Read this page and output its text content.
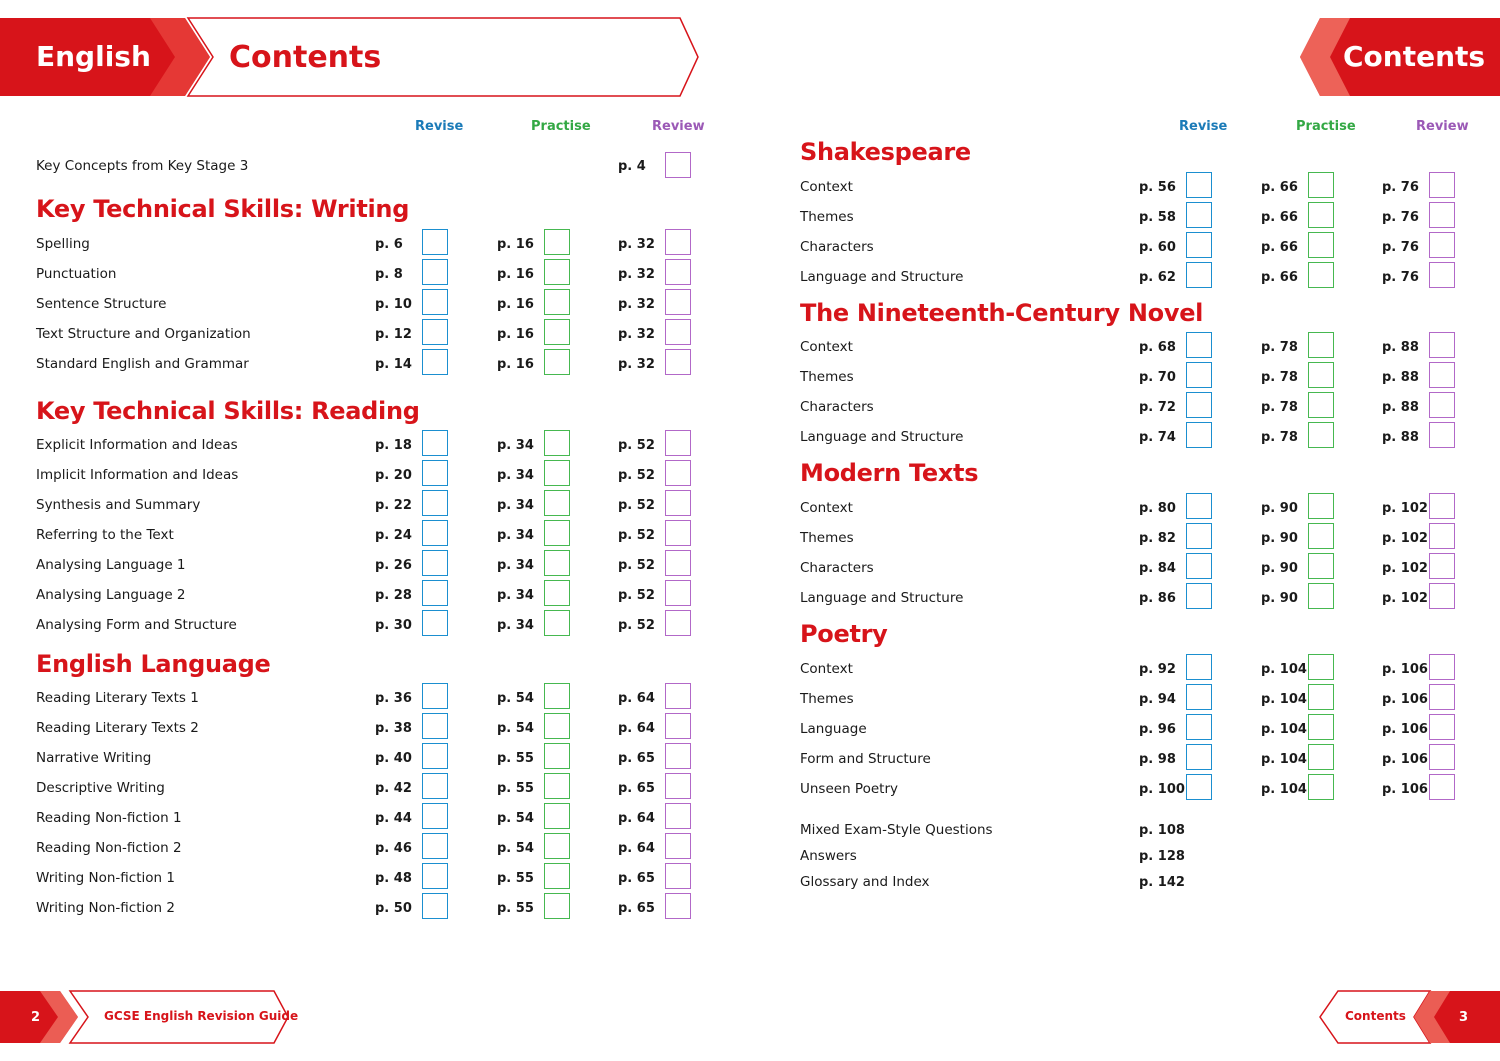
English	Contents	Contents
Revise	Practise	Review	Revise	Practise	Review
Key Concepts from Key Stage 3	p. 4
Key Technical Skills: Writing
Spelling	p. 6	p. 16	p. 32
Punctuation	p. 8	p. 16	p. 32
Sentence Structure	p. 10	p. 16	p. 32
Text Structure and Organization	p. 12	p. 16	p. 32
Standard English and Grammar	p. 14	p. 16	p. 32
Key Technical Skills: Reading
Explicit Information and Ideas	p. 18	p. 34	p. 52
Implicit Information and Ideas	p. 20	p. 34	p. 52
Synthesis and Summary	p. 22	p. 34	p. 52
Referring to the Text	p. 24	p. 34	p. 52
Analysing Language 1	p. 26	p. 34	p. 52
Analysing Language 2	p. 28	p. 34	p. 52
Analysing Form and Structure	p. 30	p. 34	p. 52
English Language
Reading Literary Texts 1	p. 36	p. 54	p. 64
Reading Literary Texts 2	p. 38	p. 54	p. 64
Narrative Writing	p. 40	p. 55	p. 65
Descriptive Writing	p. 42	p. 55	p. 65
Reading Non-fiction 1	p. 44	p. 54	p. 64
Reading Non-fiction 2	p. 46	p. 54	p. 64
Writing Non-fiction 1	p. 48	p. 55	p. 65
Writing Non-fiction 2	p. 50	p. 55	p. 65
Shakespeare
Context	p. 56	p. 66	p. 76
Themes	p. 58	p. 66	p. 76
Characters	p. 60	p. 66	p. 76
Language and Structure	p. 62	p. 66	p. 76
The Nineteenth-Century Novel
Context	p. 68	p. 78	p. 88
Themes	p. 70	p. 78	p. 88
Characters	p. 72	p. 78	p. 88
Language and Structure	p. 74	p. 78	p. 88
Modern Texts
Context	p. 80	p. 90	p. 102
Themes	p. 82	p. 90	p. 102
Characters	p. 84	p. 90	p. 102
Language and Structure	p. 86	p. 90	p. 102
Poetry
Context	p. 92	p. 104	p. 106
Themes	p. 94	p. 104	p. 106
Language	p. 96	p. 104	p. 106
Form and Structure	p. 98	p. 104	p. 106
Unseen Poetry	p. 100	p. 104	p. 106
Mixed Exam-Style Questions	p. 108
Answers	p. 128
Glossary and Index	p. 142
2	GCSE English Revision Guide	Contents	3
